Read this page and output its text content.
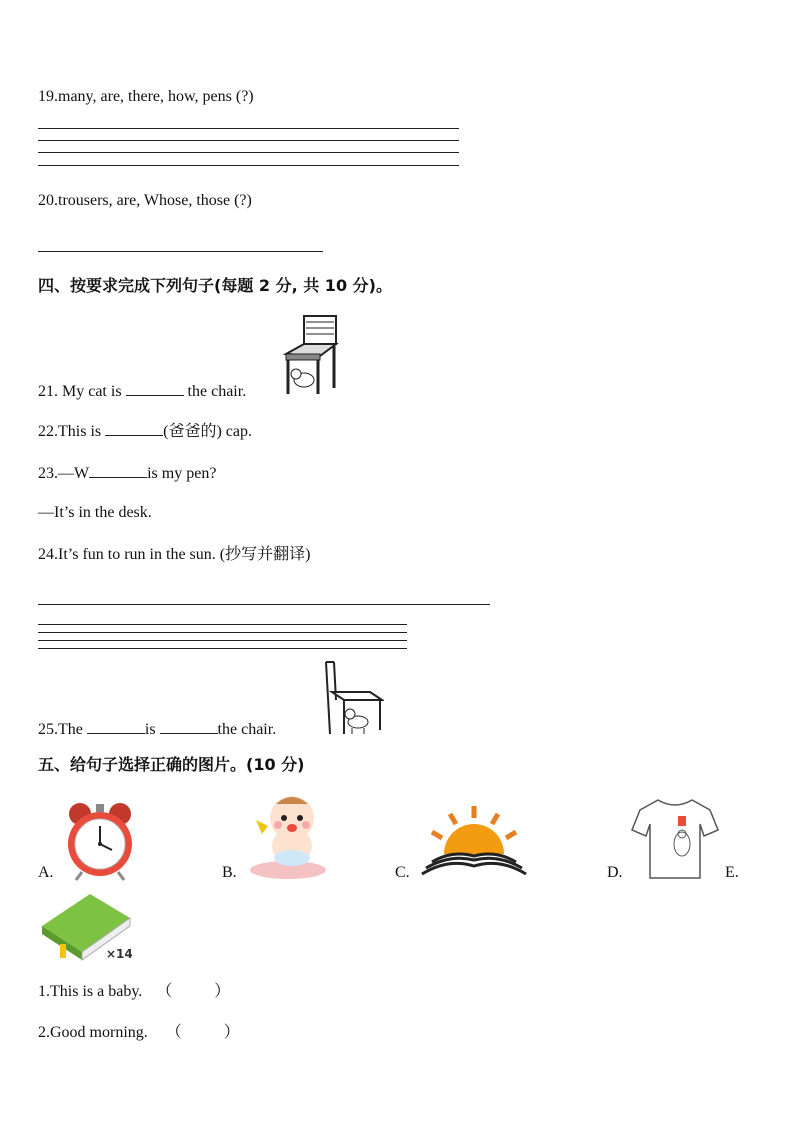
19.many, are, there, how, pens (?)
20.trousers, are, Whose, those (?)
四、按要求完成下列句子(每题 2 分, 共 10 分)。
21. My cat is	the chair.
22.This is	(爸爸的) cap.
23.—W	is my pen?
—It’s in the desk.
24.It’s fun to run in the sun. (抄写并翻译)
25.The	is	the chair.
五、给句子选择正确的图片。(10 分)
A.	B.	C.	D.	E.
×14
1.This is a baby. （	）
2.Good morning. （	）
